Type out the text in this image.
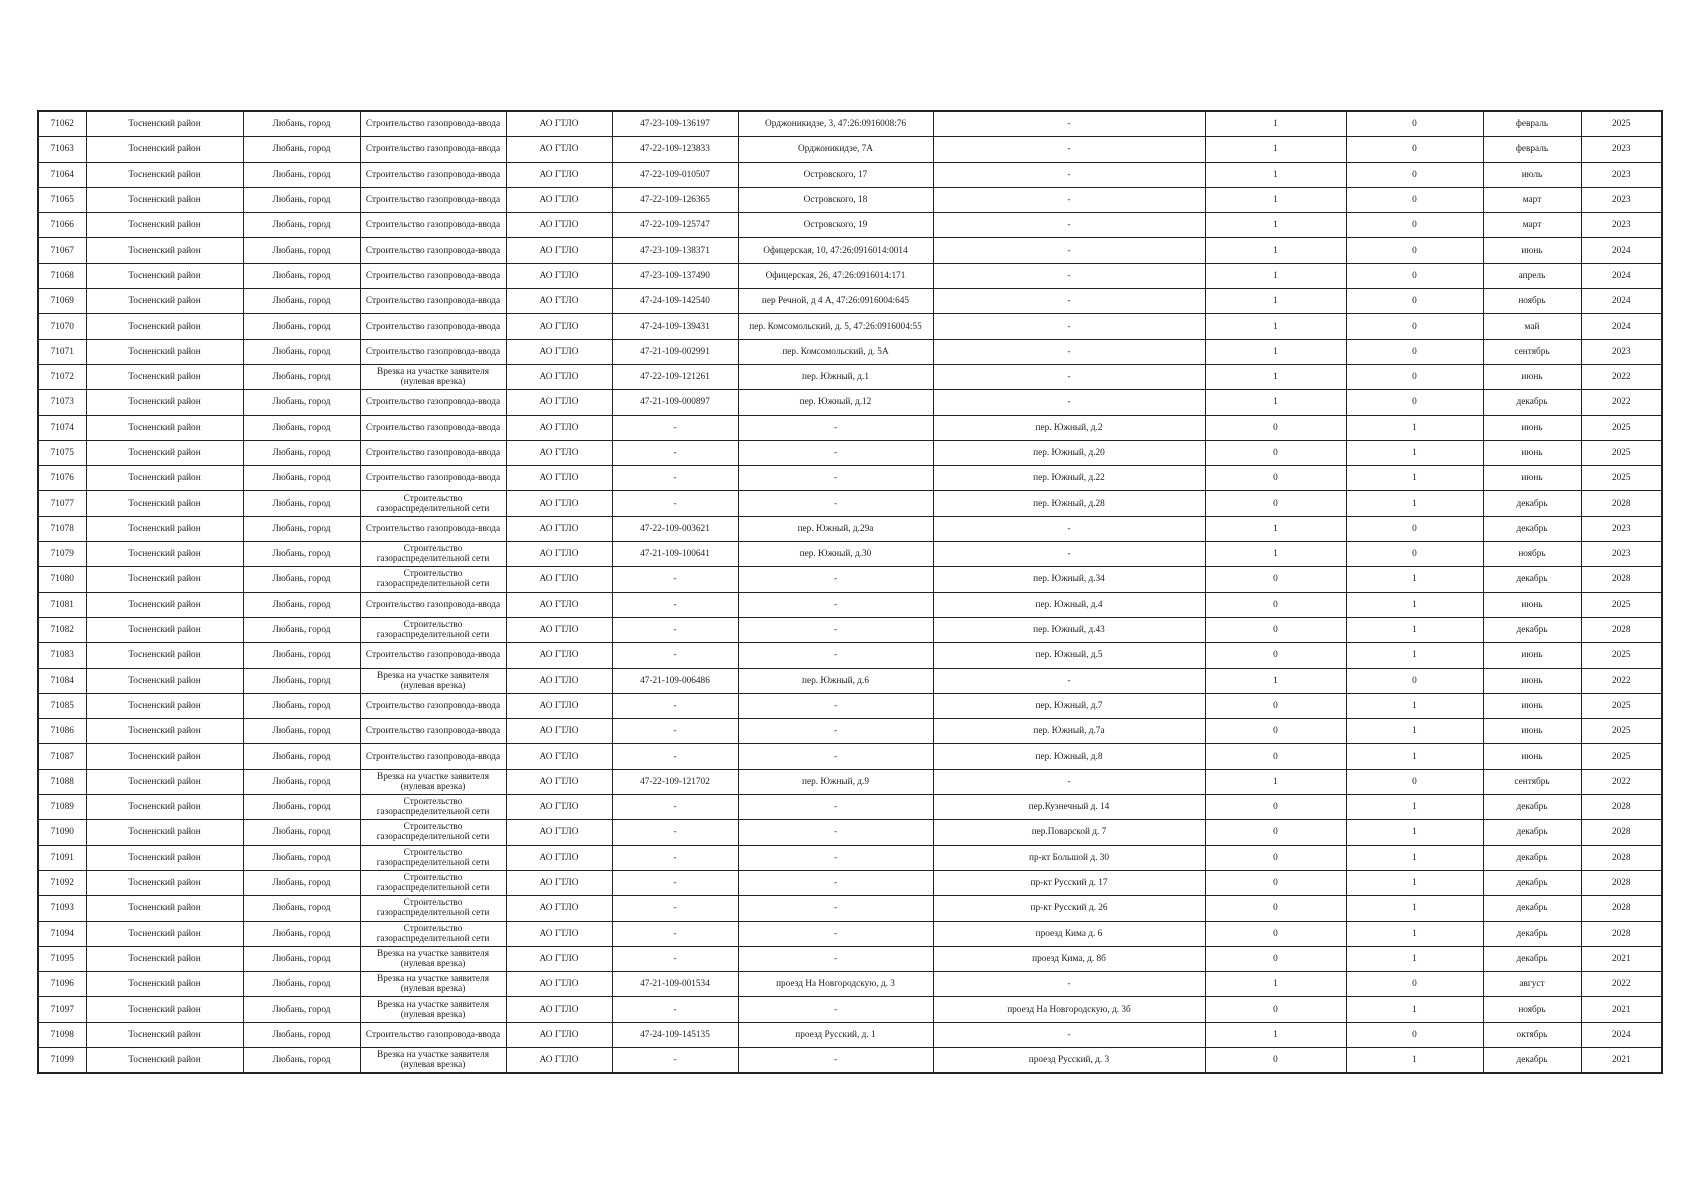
71062	Тосненский район	Любань, город	Строительство газопровода-ввода	АО ГТЛО	47-23-109-136197	Орджоникидзе, 3, 47:26:0916008:76	-	1	0	февраль	2025
71063	Тосненский район	Любань, город	Строительство газопровода-ввода	АО ГТЛО	47-22-109-123833	Орджоникидзе, 7А	-	1	0	февраль	2023
71064	Тосненский район	Любань, город	Строительство газопровода-ввода	АО ГТЛО	47-22-109-010507	Островского, 17	-	1	0	июль	2023
71065	Тосненский район	Любань, город	Строительство газопровода-ввода	АО ГТЛО	47-22-109-126365	Островского, 18	-	1	0	март	2023
71066	Тосненский район	Любань, город	Строительство газопровода-ввода	АО ГТЛО	47-22-109-125747	Островского, 19	-	1	0	март	2023
71067	Тосненский район	Любань, город	Строительство газопровода-ввода	АО ГТЛО	47-23-109-138371	Офицерская, 10, 47:26:0916014:0014	-	1	0	июнь	2024
71068	Тосненский район	Любань, город	Строительство газопровода-ввода	АО ГТЛО	47-23-109-137490	Офицерская, 26, 47:26:0916014:171	-	1	0	апрель	2024
71069	Тосненский район	Любань, город	Строительство газопровода-ввода	АО ГТЛО	47-24-109-142540	пер Речной, д 4 А, 47:26:0916004:645	-	1	0	ноябрь	2024
71070	Тосненский район	Любань, город	Строительство газопровода-ввода	АО ГТЛО	47-24-109-139431	пер. Комсомольский, д. 5, 47:26:0916004:55	-	1	0	май	2024
71071	Тосненский район	Любань, город	Строительство газопровода-ввода	АО ГТЛО	47-21-109-002991	пер. Комсомольский, д. 5А	-	1	0	сентябрь	2023
71072	Тосненский район	Любань, город	Врезка на участке заявителя (нулевая врезка)	АО ГТЛО	47-22-109-121261	пер. Южный, д.1	-	1	0	июнь	2022
71073	Тосненский район	Любань, город	Строительство газопровода-ввода	АО ГТЛО	47-21-109-000897	пер. Южный, д.12	-	1	0	декабрь	2022
71074	Тосненский район	Любань, город	Строительство газопровода-ввода	АО ГТЛО	-	-	пер. Южный, д.2	0	1	июнь	2025
71075	Тосненский район	Любань, город	Строительство газопровода-ввода	АО ГТЛО	-	-	пер. Южный, д.20	0	1	июнь	2025
71076	Тосненский район	Любань, город	Строительство газопровода-ввода	АО ГТЛО	-	-	пер. Южный, д.22	0	1	июнь	2025
71077	Тосненский район	Любань, город	Строительство газораспределительной сети	АО ГТЛО	-	-	пер. Южный, д.28	0	1	декабрь	2028
71078	Тосненский район	Любань, город	Строительство газопровода-ввода	АО ГТЛО	47-22-109-003621	пер. Южный, д.29а	-	1	0	декабрь	2023
71079	Тосненский район	Любань, город	Строительство газораспределительной сети	АО ГТЛО	47-21-109-100641	пер. Южный, д.30	-	1	0	ноябрь	2023
71080	Тосненский район	Любань, город	Строительство газораспределительной сети	АО ГТЛО	-	-	пер. Южный, д.34	0	1	декабрь	2028
71081	Тосненский район	Любань, город	Строительство газопровода-ввода	АО ГТЛО	-	-	пер. Южный, д.4	0	1	июнь	2025
71082	Тосненский район	Любань, город	Строительство газораспределительной сети	АО ГТЛО	-	-	пер. Южный, д.43	0	1	декабрь	2028
71083	Тосненский район	Любань, город	Строительство газопровода-ввода	АО ГТЛО	-	-	пер. Южный, д.5	0	1	июнь	2025
71084	Тосненский район	Любань, город	Врезка на участке заявителя (нулевая врезка)	АО ГТЛО	47-21-109-006486	пер. Южный, д.6	-	1	0	июнь	2022
71085	Тосненский район	Любань, город	Строительство газопровода-ввода	АО ГТЛО	-	-	пер. Южный, д.7	0	1	июнь	2025
71086	Тосненский район	Любань, город	Строительство газопровода-ввода	АО ГТЛО	-	-	пер. Южный, д.7а	0	1	июнь	2025
71087	Тосненский район	Любань, город	Строительство газопровода-ввода	АО ГТЛО	-	-	пер. Южный, д.8	0	1	июнь	2025
71088	Тосненский район	Любань, город	Врезка на участке заявителя (нулевая врезка)	АО ГТЛО	47-22-109-121702	пер. Южный, д.9	-	1	0	сентябрь	2022
71089	Тосненский район	Любань, город	Строительство газораспределительной сети	АО ГТЛО	-	-	пер.Кузнечный д. 14	0	1	декабрь	2028
71090	Тосненский район	Любань, город	Строительство газораспределительной сети	АО ГТЛО	-	-	пер.Поварской д. 7	0	1	декабрь	2028
71091	Тосненский район	Любань, город	Строительство газораспределительной сети	АО ГТЛО	-	-	пр-кт Большой д. 30	0	1	декабрь	2028
71092	Тосненский район	Любань, город	Строительство газораспределительной сети	АО ГТЛО	-	-	пр-кт Русский д. 17	0	1	декабрь	2028
71093	Тосненский район	Любань, город	Строительство газораспределительной сети	АО ГТЛО	-	-	пр-кт Русский д. 26	0	1	декабрь	2028
71094	Тосненский район	Любань, город	Строительство газораспределительной сети	АО ГТЛО	-	-	проезд Кима д. 6	0	1	декабрь	2028
71095	Тосненский район	Любань, город	Врезка на участке заявителя (нулевая врезка)	АО ГТЛО	-	-	проезд Кима, д. 8б	0	1	декабрь	2021
71096	Тосненский район	Любань, город	Врезка на участке заявителя (нулевая врезка)	АО ГТЛО	47-21-109-001534	проезд На Новгородскую, д. 3	-	1	0	август	2022
71097	Тосненский район	Любань, город	Врезка на участке заявителя (нулевая врезка)	АО ГТЛО	-	-	проезд На Новгородскую, д. 3б	0	1	ноябрь	2021
71098	Тосненский район	Любань, город	Строительство газопровода-ввода	АО ГТЛО	47-24-109-145135	проезд Русский, д. 1	-	1	0	октябрь	2024
71099	Тосненский район	Любань, город	Врезка на участке заявителя (нулевая врезка)	АО ГТЛО	-	-	проезд Русский, д. 3	0	1	декабрь	2021
